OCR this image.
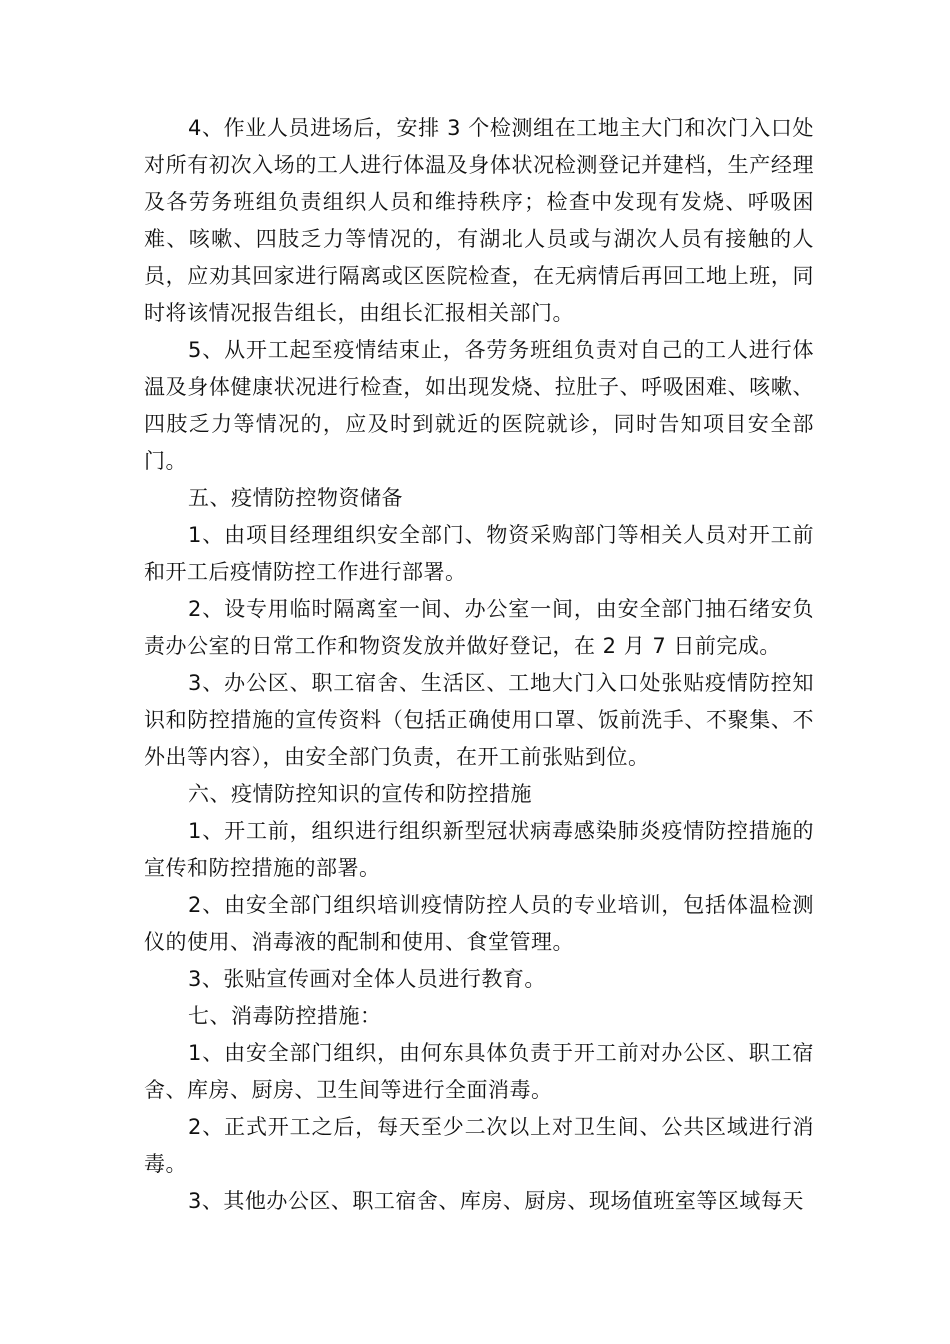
4、作业人员进场后，安排 3 个检测组在工地主大门和次门入口处对所有初次入场的工人进行体温及身体状况检测登记并建档，生产经理及各劳务班组负责组织人员和维持秩序；检查中发现有发烧、呼吸困难、咳嗽、四肢乏力等情况的，有湖北人员或与湖次人员有接触的人员，应劝其回家进行隔离或区医院检查，在无病情后再回工地上班，同时将该情况报告组长，由组长汇报相关部门。

5、从开工起至疫情结束止，各劳务班组负责对自己的工人进行体温及身体健康状况进行检查，如出现发烧、拉肚子、呼吸困难、咳嗽、四肢乏力等情况的，应及时到就近的医院就诊，同时告知项目安全部门。

五、疫情防控物资储备

1、由项目经理组织安全部门、物资采购部门等相关人员对开工前和开工后疫情防控工作进行部署。

2、设专用临时隔离室一间、办公室一间，由安全部门抽石绪安负责办公室的日常工作和物资发放并做好登记，在 2 月 7 日前完成。

3、办公区、职工宿舍、生活区、工地大门入口处张贴疫情防控知识和防控措施的宣传资料（包括正确使用口罩、饭前洗手、不聚集、不外出等内容），由安全部门负责，在开工前张贴到位。

六、疫情防控知识的宣传和防控措施

1、开工前，组织进行组织新型冠状病毒感染肺炎疫情防控措施的宣传和防控措施的部署。

2、由安全部门组织培训疫情防控人员的专业培训，包括体温检测仪的使用、消毒液的配制和使用、食堂管理。

3、张贴宣传画对全体人员进行教育。

七、消毒防控措施：

1、由安全部门组织，由何东具体负责于开工前对办公区、职工宿舍、库房、厨房、卫生间等进行全面消毒。

2、正式开工之后，每天至少二次以上对卫生间、公共区域进行消毒。

3、其他办公区、职工宿舍、库房、厨房、现场值班室等区域每天
